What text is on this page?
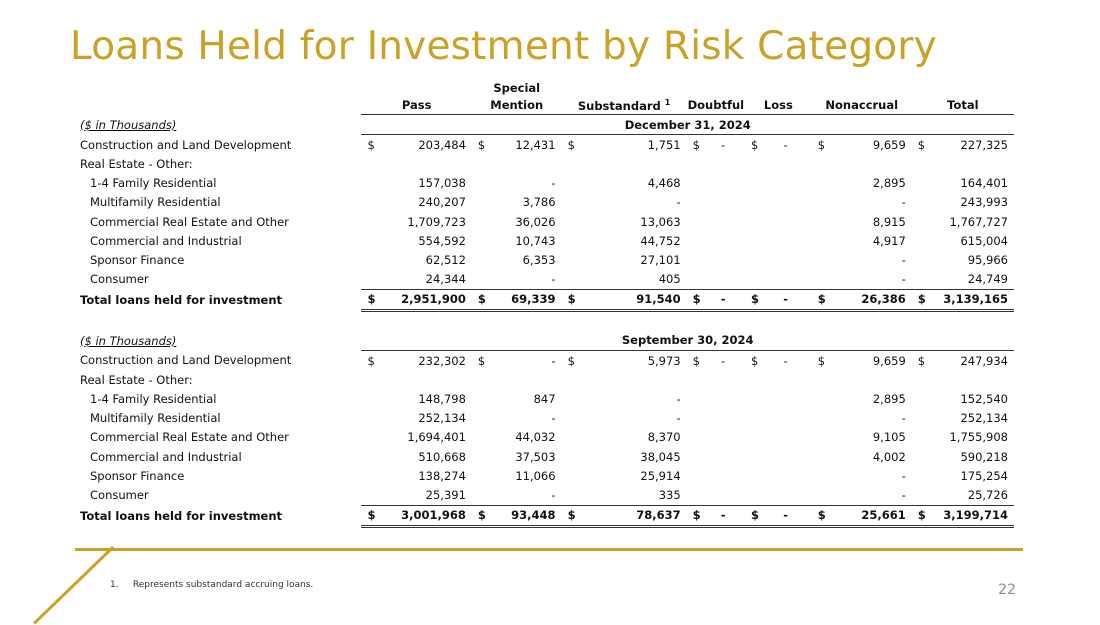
Loans Held for Investment by Risk Category
			Special											
	Pass		Mention		Substandard $^1$		Doubtful		Loss		Nonaccrual		Total	
($ in Thousands)	December 31, 2024													
Construction and Land Development	$	203,484	$	12,431	$	1,751	$	-	$	-	$	9,659	$	227,325
Real Estate - Other:														
1-4 Family Residential		157,038		-		4,468						2,895		164,401
Multifamily Residential		240,207		3,786		-						-		243,993
Commercial Real Estate and Other		1,709,723		36,026		13,063						8,915		1,767,727
Commercial and Industrial		554,592		10,743		44,752						4,917		615,004
Sponsor Finance		62,512		6,353		27,101						-		95,966
Consumer		24,344		-		405						-		24,749
Total loans held for investment	$	2,951,900	$	69,339	$	91,540	$	-	$	-	$	26,386	$	3,139,165

($ in Thousands)	September 30, 2024													
Construction and Land Development	$	232,302	$	-	$	5,973	$	-	$	-	$	9,659	$	247,934
Real Estate - Other:														
1-4 Family Residential		148,798		847		-						2,895		152,540
Multifamily Residential		252,134		-		-						-		252,134
Commercial Real Estate and Other		1,694,401		44,032		8,370						9,105		1,755,908
Commercial and Industrial		510,668		37,503		38,045						4,002		590,218
Sponsor Finance		138,274		11,066		25,914						-		175,254
Consumer		25,391		-		335						-		25,726
Total loans held for investment	$	3,001,968	$	93,448	$	78,637	$	-	$	-	$	25,661	$	3,199,714
1.     Represents substandard accruing loans.	22
